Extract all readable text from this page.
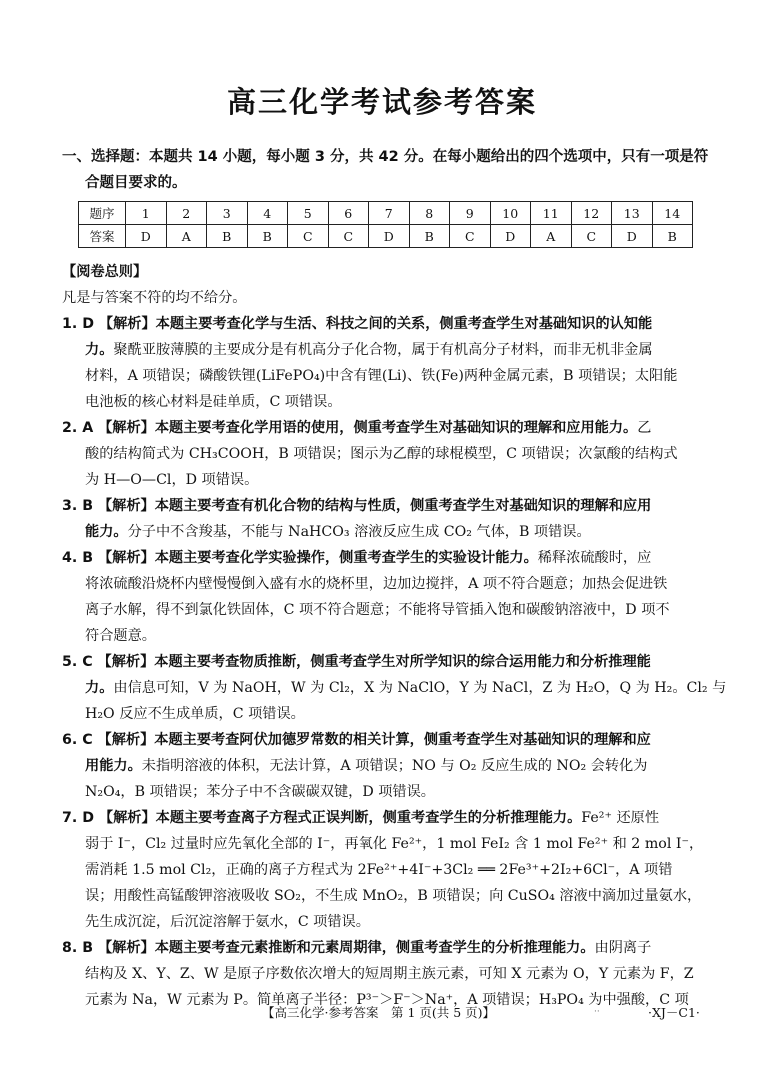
高三化学考试参考答案
一、选择题：本题共 14 小题，每小题 3 分，共 42 分。在每小题给出的四个选项中，只有一项是符
合题目要求的。
题序	1	2	3	4	5	6	7	8	9	10	11	12	13	14
答案	D	A	B	B	C	C	D	B	C	D	A	C	D	B
【阅卷总则】
凡是与答案不符的均不给分。
1. D 【解析】本题主要考查化学与生活、科技之间的关系，侧重考查学生对基础知识的认知能
力。聚酰亚胺薄膜的主要成分是有机高分子化合物，属于有机高分子材料，而非无机非金属
材料，A 项错误；磷酸铁锂(LiFePO₄)中含有锂(Li)、铁(Fe)两种金属元素，B 项错误；太阳能
电池板的核心材料是硅单质，C 项错误。
2. A 【解析】本题主要考查化学用语的使用，侧重考查学生对基础知识的理解和应用能力。乙
酸的结构简式为 CH₃COOH，B 项错误；图示为乙醇的球棍模型，C 项错误；次氯酸的结构式
为 H—O—Cl，D 项错误。
3. B 【解析】本题主要考查有机化合物的结构与性质，侧重考查学生对基础知识的理解和应用
能力。分子中不含羧基，不能与 NaHCO₃ 溶液反应生成 CO₂ 气体，B 项错误。
4. B 【解析】本题主要考查化学实验操作，侧重考查学生的实验设计能力。稀释浓硫酸时，应
将浓硫酸沿烧杯内壁慢慢倒入盛有水的烧杯里，边加边搅拌，A 项不符合题意；加热会促进铁
离子水解，得不到氯化铁固体，C 项不符合题意；不能将导管插入饱和碳酸钠溶液中，D 项不
符合题意。
5. C 【解析】本题主要考查物质推断，侧重考查学生对所学知识的综合运用能力和分析推理能
力。由信息可知，V 为 NaOH，W 为 Cl₂，X 为 NaClO，Y 为 NaCl，Z 为 H₂O，Q 为 H₂。Cl₂ 与
H₂O 反应不生成单质，C 项错误。
6. C 【解析】本题主要考查阿伏加德罗常数的相关计算，侧重考查学生对基础知识的理解和应
用能力。未指明溶液的体积，无法计算，A 项错误；NO 与 O₂ 反应生成的 NO₂ 会转化为
N₂O₄，B 项错误；苯分子中不含碳碳双键，D 项错误。
7. D 【解析】本题主要考查离子方程式正误判断，侧重考查学生的分析推理能力。Fe²⁺ 还原性
弱于 I⁻，Cl₂ 过量时应先氧化全部的 I⁻，再氧化 Fe²⁺，1 mol FeI₂ 含 1 mol Fe²⁺ 和 2 mol I⁻，
需消耗 1.5 mol Cl₂，正确的离子方程式为 2Fe²⁺+4I⁻+3Cl₂ ══ 2Fe³⁺+2I₂+6Cl⁻，A 项错
误；用酸性高锰酸钾溶液吸收 SO₂，不生成 MnO₂，B 项错误；向 CuSO₄ 溶液中滴加过量氨水，
先生成沉淀，后沉淀溶解于氨水，C 项错误。
8. B 【解析】本题主要考查元素推断和元素周期律，侧重考查学生的分析推理能力。由阴离子
结构及 X、Y、Z、W 是原子序数依次增大的短周期主族元素，可知 X 元素为 O，Y 元素为 F，Z
元素为 Na，W 元素为 P。简单离子半径：P³⁻＞F⁻＞Na⁺，A 项错误；H₃PO₄ 为中强酸，C 项
【高三化学·参考答案　第 1 页(共 5 页)】	··	·XJ－C1·
